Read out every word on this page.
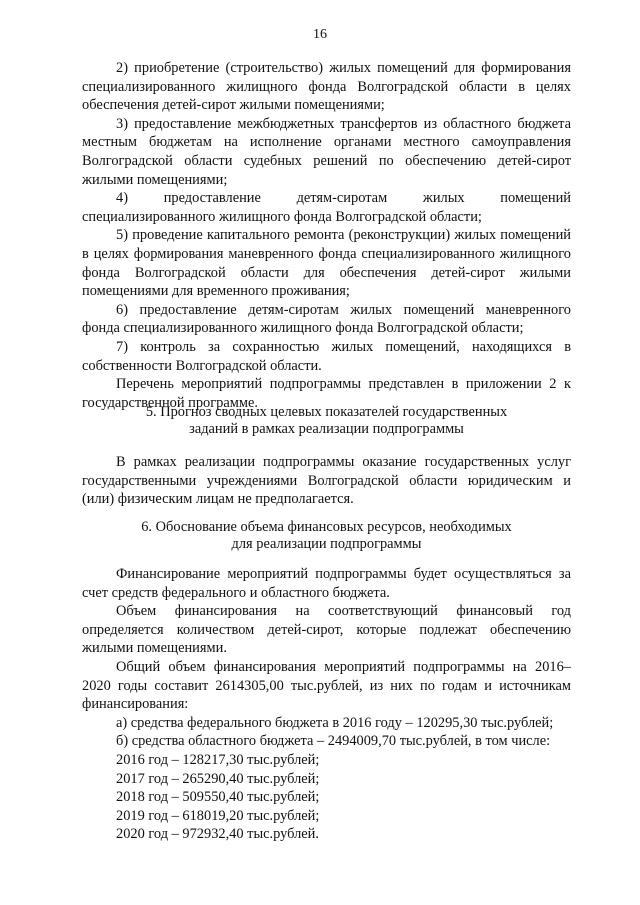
16

2) приобретение (строительство) жилых помещений для формирования специализированного жилищного фонда Волгоградской области в целях обеспечения детей-сирот жилыми помещениями;

3) предоставление межбюджетных трансфертов из областного бюджета местным бюджетам на исполнение органами местного самоуправления Волгоградской области судебных решений по обеспечению детей-сирот жилыми помещениями;

4) предоставление детям-сиротам жилых помещений специализированного жилищного фонда Волгоградской области;

5) проведение капитального ремонта (реконструкции) жилых помещений в целях формирования маневренного фонда специализированного жилищного фонда Волгоградской области для обеспечения детей-сирот жилыми помещениями для временного проживания;

6) предоставление детям-сиротам жилых помещений маневренного фонда специализированного жилищного фонда Волгоградской области;

7) контроль за сохранностью жилых помещений, находящихся в собственности Волгоградской области.

Перечень мероприятий подпрограммы представлен в приложении 2 к государственной программе.

5. Прогноз сводных целевых показателей государственных
заданий в рамках реализации подпрограммы

В рамках реализации подпрограммы оказание государственных услуг государственными учреждениями Волгоградской области юридическим и (или) физическим лицам не предполагается.

6. Обоснование объема финансовых ресурсов, необходимых
для реализации подпрограммы

Финансирование мероприятий подпрограммы будет осуществляться за счет средств федерального и областного бюджета.

Объем финансирования на соответствующий финансовый год определяется количеством детей-сирот, которые подлежат обеспечению жилыми помещениями.

Общий объем финансирования мероприятий подпрограммы на 2016–2020 годы составит 2614305,00 тыс.рублей, из них по годам и источникам финансирования:

а) средства федерального бюджета в 2016 году – 120295,30 тыс.рублей;

б) средства областного бюджета – 2494009,70 тыс.рублей, в том числе:

2016 год – 128217,30 тыс.рублей;

2017 год – 265290,40 тыс.рублей;

2018 год – 509550,40 тыс.рублей;

2019 год – 618019,20 тыс.рублей;

2020 год – 972932,40 тыс.рублей.
